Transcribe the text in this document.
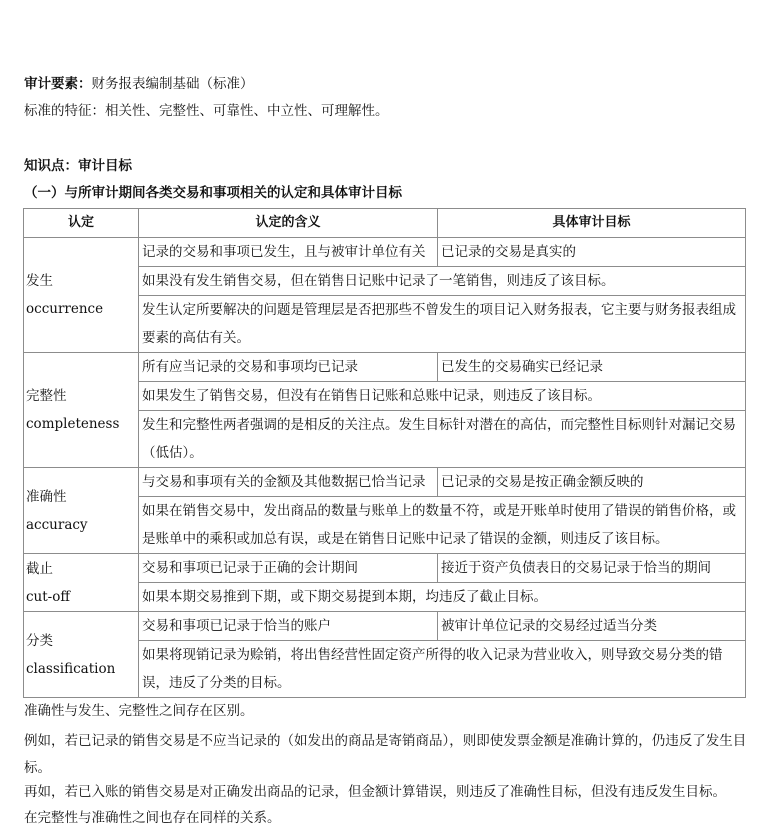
审计要素：财务报表编制基础（标准）
标准的特征：相关性、完整性、可靠性、中立性、可理解性。
知识点：审计目标
（一）与所审计期间各类交易和事项相关的认定和具体审计目标
认定	认定的含义	具体审计目标

发生
occurrence	记录的交易和事项已发生，且与被审计单位有关	已记录的交易是真实的
	如果没有发生销售交易，但在销售日记账中记录了一笔销售，则违反了该目标。	
	发生认定所要解决的问题是管理层是否把那些不曾发生的项目记入财务报表，它主要与财务报表组成要素的高估有关。	

完整性
completeness	所有应当记录的交易和事项均已记录	已发生的交易确实已经记录
	如果发生了销售交易，但没有在销售日记账和总账中记录，则违反了该目标。	
	发生和完整性两者强调的是相反的关注点。发生目标针对潜在的高估，而完整性目标则针对漏记交易（低估）。	

准确性
accuracy	与交易和事项有关的金额及其他数据已恰当记录	已记录的交易是按正确金额反映的
	如果在销售交易中，发出商品的数量与账单上的数量不符，或是开账单时使用了错误的销售价格，或是账单中的乘积或加总有误，或是在销售日记账中记录了错误的金额，则违反了该目标。	

截止
cut-off	交易和事项已记录于正确的会计期间	接近于资产负债表日的交易记录于恰当的期间
	如果本期交易推到下期，或下期交易提到本期，均违反了截止目标。	

分类
classification	交易和事项已记录于恰当的账户	被审计单位记录的交易经过适当分类
	如果将现销记录为赊销，将出售经营性固定资产所得的收入记录为营业收入，则导致交易分类的错误，违反了分类的目标。	
准确性与发生、完整性之间存在区别。
例如，若已记录的销售交易是不应当记录的（如发出的商品是寄销商品），则即使发票金额是准确计算的，仍违反了发生目标。
再如，若已入账的销售交易是对正确发出商品的记录，但金额计算错误，则违反了准确性目标，但没有违反发生目标。
在完整性与准确性之间也存在同样的关系。
